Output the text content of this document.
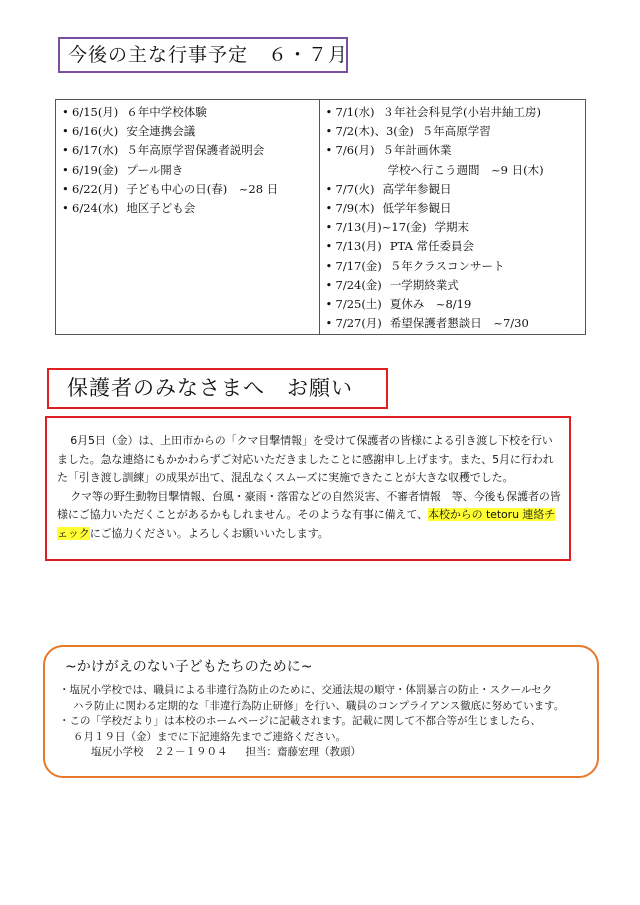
今後の主な行事予定　６・７月
• 6/15(月) ６年中学校体験
• 6/16(火) 安全連携会議
• 6/17(水) ５年高原学習保護者説明会
• 6/19(金) プール開き
• 6/22(月) 子ども中心の日(春)　~28 日
• 6/24(水) 地区子ども会
• 7/1(水) ３年社会科見学(小岩井紬工房)
• 7/2(木)、3(金) ５年高原学習
• 7/6(月) ５年計画休業
学校へ行こう週間　~9 日(木)
• 7/7(火) 高学年参観日
• 7/9(木) 低学年参観日
• 7/13(月)~17(金) 学期末
• 7/13(月) PTA 常任委員会
• 7/17(金) ５年クラスコンサート
• 7/24(金) 一学期終業式
• 7/25(土) 夏休み　~8/19
• 7/27(月) 希望保護者懇談日　~7/30
保護者のみなさまへ　お願い

6月5日（金）は、上田市からの「クマ目撃情報」を受けて保護者の皆様による引き渡し下校を行いました。急な連絡にもかかわらずご対応いただきましたことに感謝申し上げます。また、5月に行われた「引き渡し訓練」の成果が出て、混乱なくスムーズに実施できたことが大きな収穫でした。

クマ等の野生動物目撃情報、台風・豪雨・落雷などの自然災害、不審者情報　等、今後も保護者の皆様にご協力いただくことがあるかもしれません。そのような有事に備えて、本校からの tetoru 連絡チェックにご協力ください。よろしくお願いいたします。

~かけがえのない子どもたちのために~

・塩尻小学校では、職員による非違行為防止のために、交通法規の順守・体罰暴言の防止・スクールセク
ハラ防止に関わる定期的な「非違行為防止研修」を行い、職員のコンプライアンス徹底に努めています。

・この「学校だより」は本校のホームページに記載されます。記載に関して不都合等が生じましたら、
６月１９日（金）までに下記連絡先までご連絡ください。

塩尻小学校　２２－１９０４ 担当：齋藤宏理（教頭）
